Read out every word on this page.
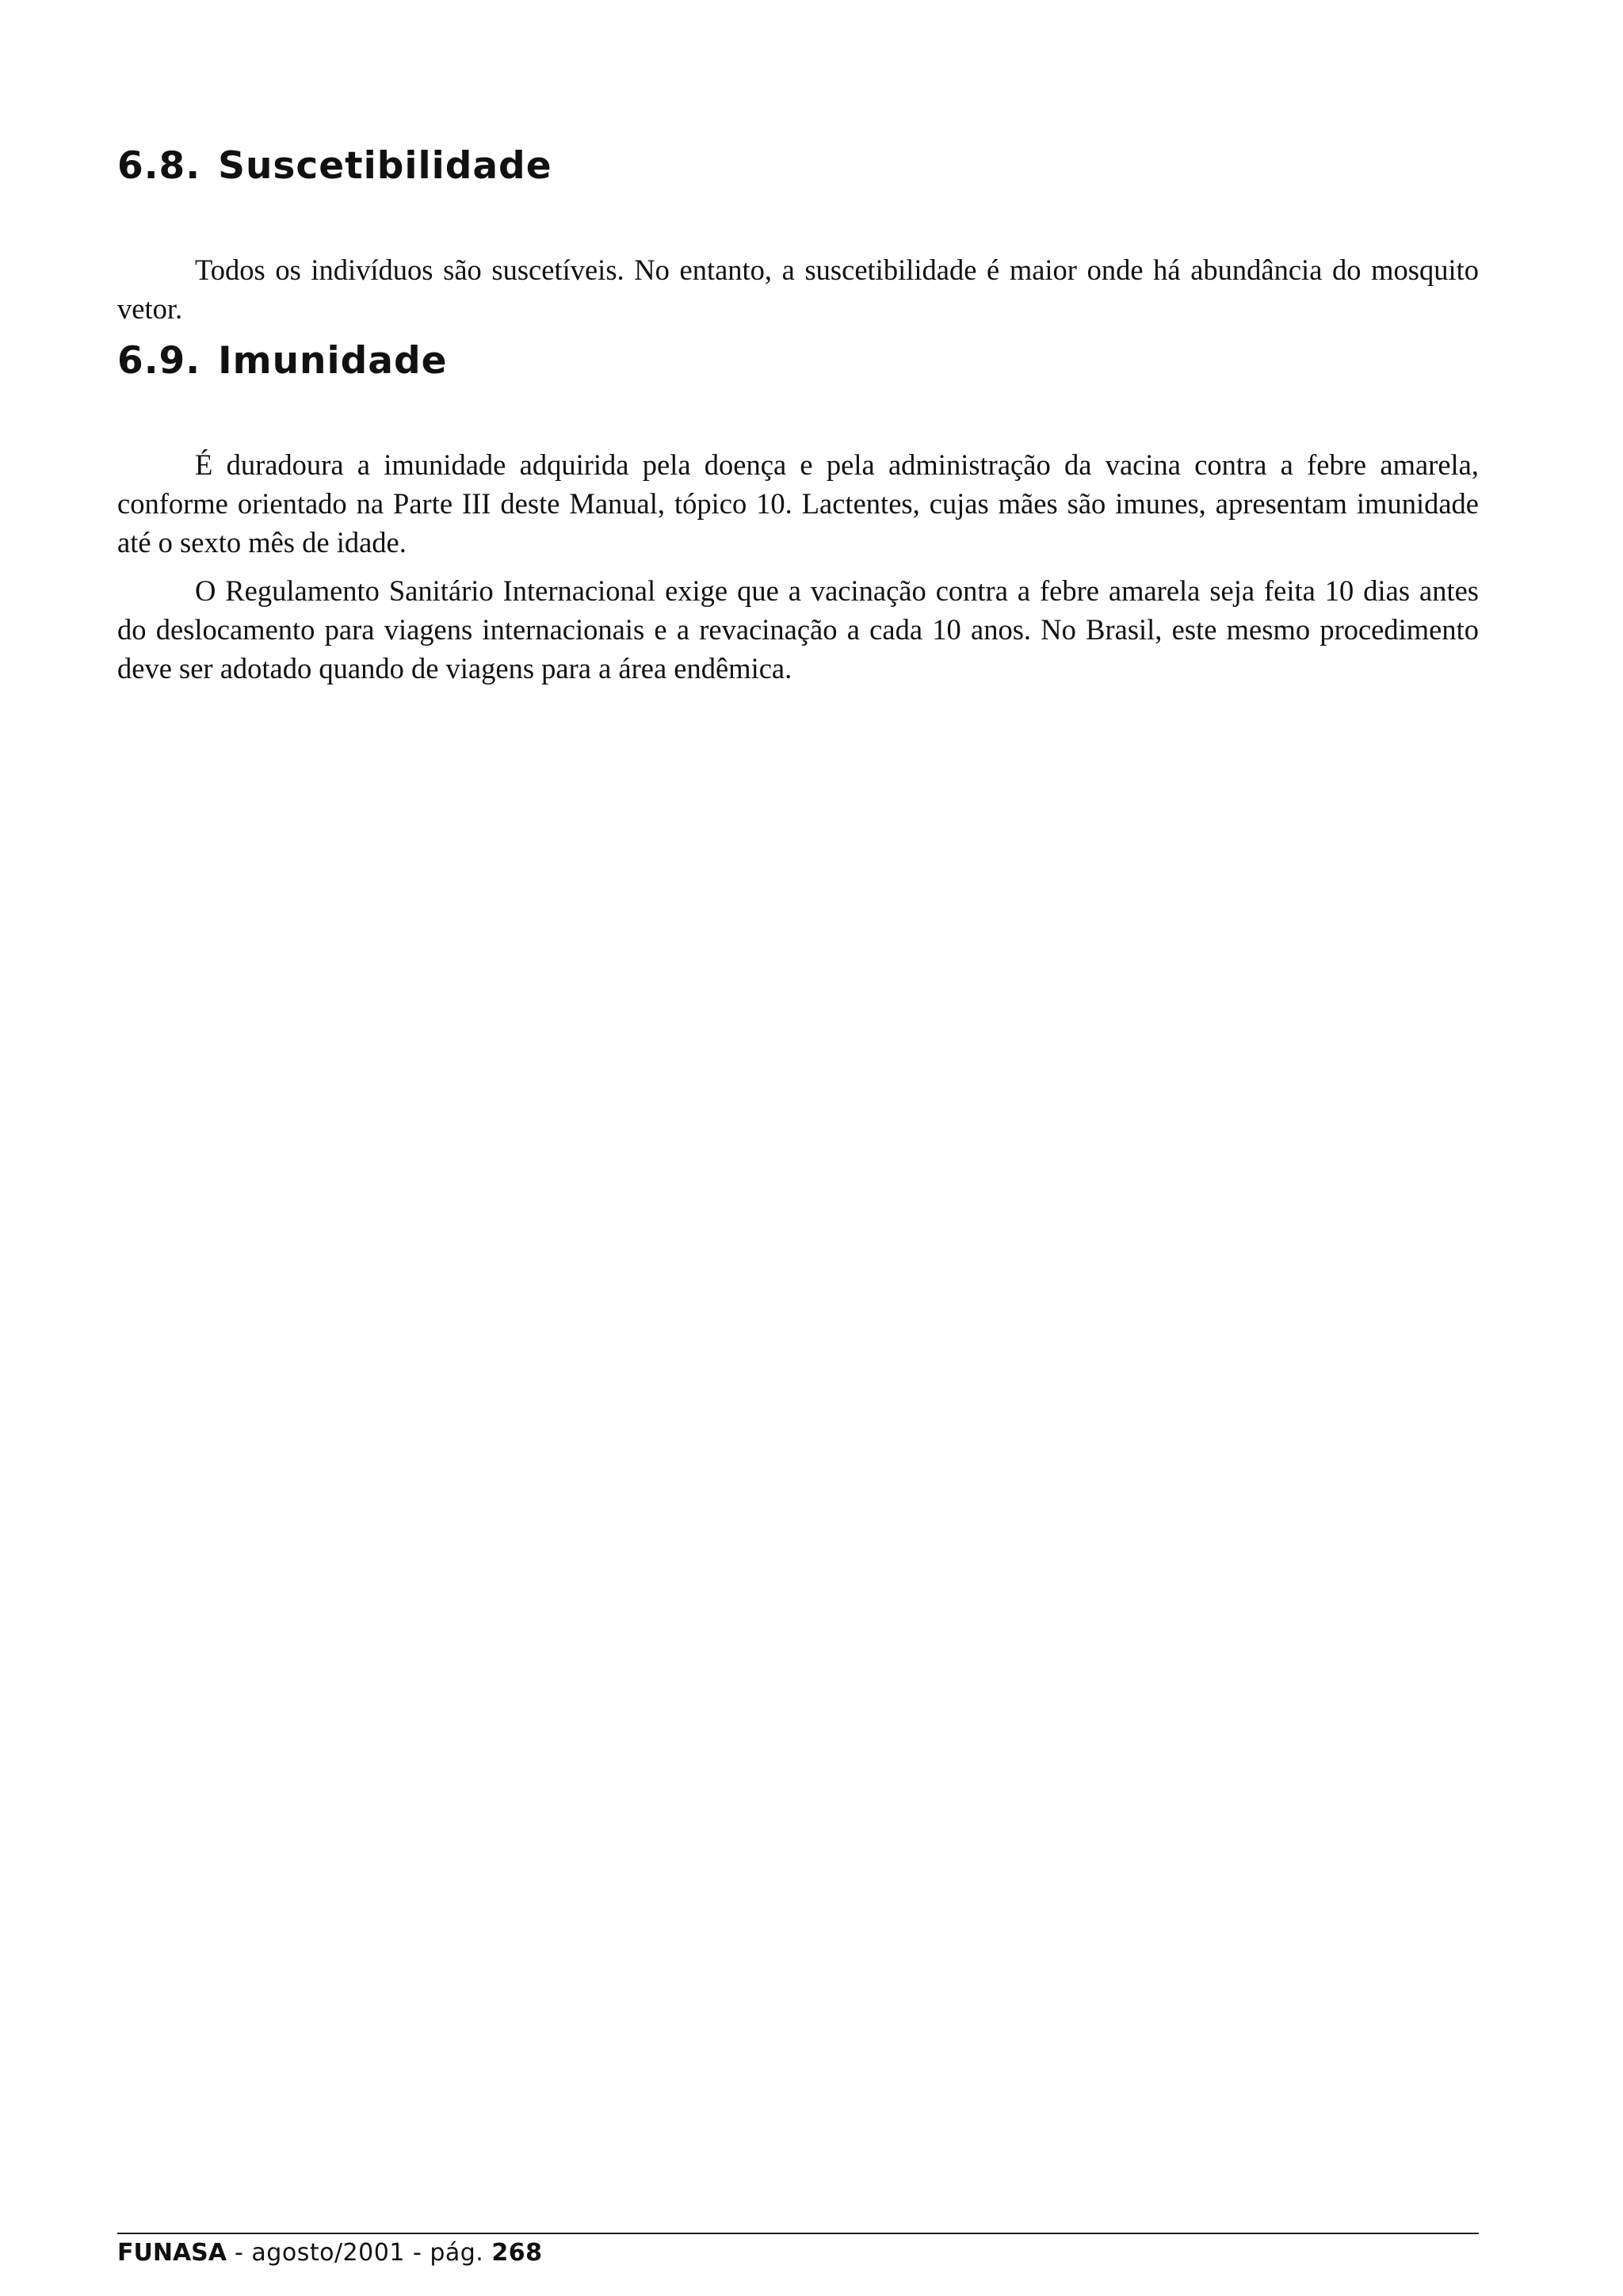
6.8. Suscetibilidade

Todos os indivíduos são suscetíveis. No entanto, a suscetibilidade é maior onde há abundância do mosquito vetor.

6.9. Imunidade

É duradoura a imunidade adquirida pela doença e pela administração da vacina contra a febre amarela, conforme orientado na Parte III deste Manual, tópico 10. Lactentes, cujas mães são imunes, apresentam imunidade até o sexto mês de idade.

O Regulamento Sanitário Internacional exige que a vacinação contra a febre amarela seja feita 10 dias antes do deslocamento para viagens internacionais e a revacinação a cada 10 anos. No Brasil, este mesmo procedimento deve ser adotado quando de viagens para a área endêmica.

FUNASA - agosto/2001 - pág. 268
